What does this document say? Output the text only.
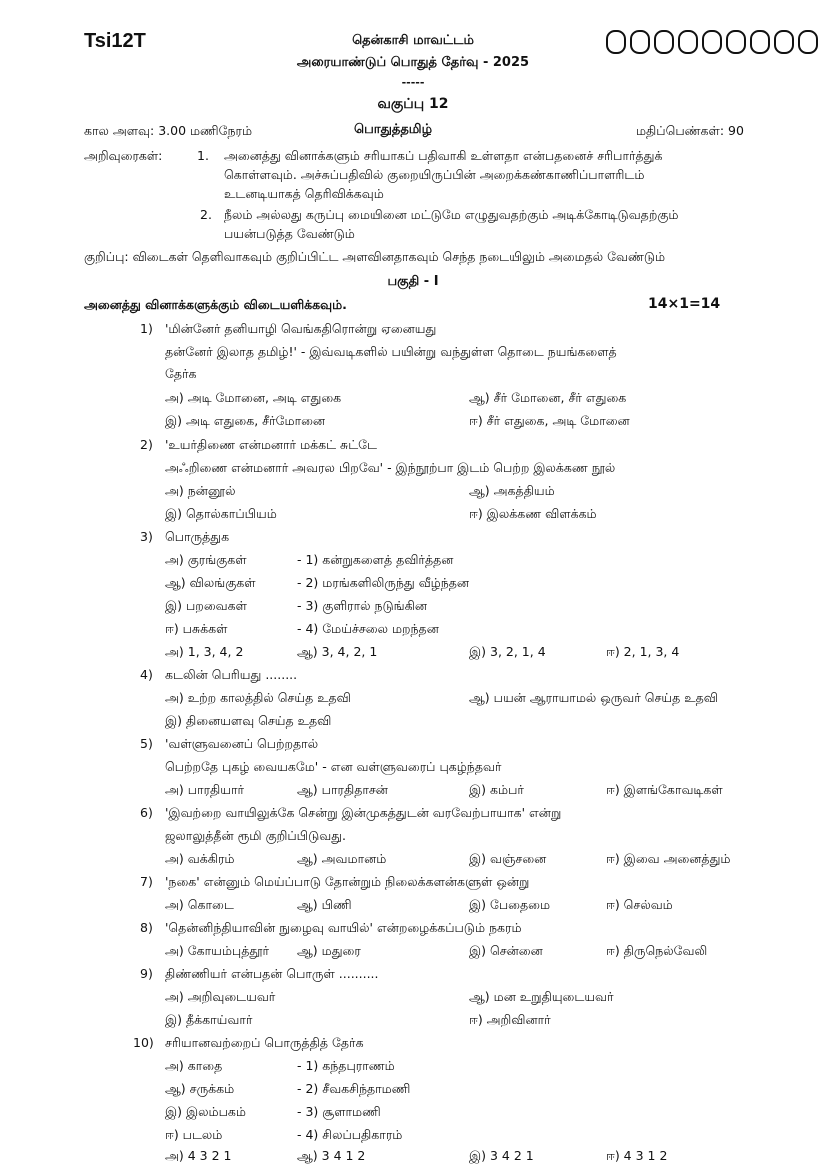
Tsi12T	தென்காசி மாவட்டம்
அரையாண்டுப் பொதுத் தேர்வு - 2025
-----
வகுப்பு 12
கால அளவு: 3.00 மணிநேரம்	பொதுத்தமிழ்	மதிப்பெண்கள்: 90
அறிவுரைகள்:	1. அனைத்து வினாக்களும் சரியாகப் பதிவாகி உள்ளதா என்பதனைச் சரிபார்த்துக்
கொள்ளவும். அச்சுப்பதிவில் குறையிருப்பின் அறைக்கண்காணிப்பாளரிடம்
உடனடியாகத் தெரிவிக்கவும்
2. நீலம் அல்லது கருப்பு மையினை மட்டுமே எழுதுவதற்கும் அடிக்கோடிடுவதற்கும்
பயன்படுத்த வேண்டும்
குறிப்பு: விடைகள் தெளிவாகவும் குறிப்பிட்ட அளவினதாகவும் செந்த நடையிலும் அமைதல் வேண்டும்
பகுதி - I
அனைத்து வினாக்களுக்கும் விடையளிக்கவும்.	14×1=14
1) 'மின்னேர் தனியாழி வெங்கதிரொன்று ஏனையது
தன்னேர் இலாத தமிழ்!' - இவ்வடிகளில் பயின்று வந்துள்ள தொடை நயங்களைத்
தேர்க
அ) அடி மோனை, அடி எதுகை	ஆ) சீர் மோனை, சீர் எதுகை
இ) அடி எதுகை, சீர்மோனை	ஈ) சீர் எதுகை, அடி மோனை
2) 'உயர்திணை என்மனார் மக்கட் சுட்டே
அஃறிணை என்மனார் அவரல பிறவே' - இந்நூற்பா இடம் பெற்ற இலக்கண நூல்
அ) நன்னூல்	ஆ) அகத்தியம்
இ) தொல்காப்பியம்	ஈ) இலக்கண விளக்கம்
3) பொருத்துக
அ) குரங்குகள்	- 1) கன்றுகளைத் தவிர்த்தன
ஆ) விலங்குகள்	- 2) மரங்களிலிருந்து வீழ்ந்தன
இ) பறவைகள்	- 3) குளிரால் நடுங்கின
ஈ) பசுக்கள்	- 4) மேய்ச்சலை மறந்தன
அ) 1, 3, 4, 2	ஆ) 3, 4, 2, 1	இ) 3, 2, 1, 4	ஈ) 2, 1, 3, 4
4) கடலின் பெரியது ........
அ) உற்ற காலத்தில் செய்த உதவி	ஆ) பயன் ஆராயாமல் ஒருவர் செய்த உதவி
இ) தினையளவு செய்த உதவி
5) 'வள்ளுவனைப் பெற்றதால்
பெற்றதே புகழ் வையகமே' - என வள்ளுவரைப் புகழ்ந்தவர்
அ) பாரதியார்	ஆ) பாரதிதாசன்	இ) கம்பர்	ஈ) இளங்கோவடிகள்
6) 'இவற்றை வாயிலுக்கே சென்று இன்முகத்துடன் வரவேற்பாயாக' என்று
ஜலாலுத்தீன் ரூமி குறிப்பிடுவது.
அ) வக்கிரம்	ஆ) அவமானம்	இ) வஞ்சனை	ஈ) இவை அனைத்தும்
7) 'நகை' என்னும் மெய்ப்பாடு தோன்றும் நிலைக்களன்களுள் ஒன்று
அ) கொடை	ஆ) பிணி	இ) பேதைமை	ஈ) செல்வம்
8) 'தென்னிந்தியாவின் நுழைவு வாயில்' என்றழைக்கப்படும் நகரம்
அ) கோயம்புத்தூர் ஆ) மதுரை	இ) சென்னை	ஈ) திருநெல்வேலி
9) திண்ணியர் என்பதன் பொருள் ..........
அ) அறிவுடையவர்	ஆ) மன உறுதியுடையவர்
இ) தீக்காய்வார்	ஈ) அறிவினார்
10) சரியானவற்றைப் பொருத்தித் தேர்க
அ) காதை	- 1) கந்தபுராணம்
ஆ) சருக்கம்	- 2) சீவகசிந்தாமணி
இ) இலம்பகம்	- 3) சூளாமணி
ஈ) படலம்	- 4) சிலப்பதிகாரம்
அ) 4 3 2 1	ஆ) 3 4 1 2	இ) 3 4 2 1	ஈ) 4 3 1 2
